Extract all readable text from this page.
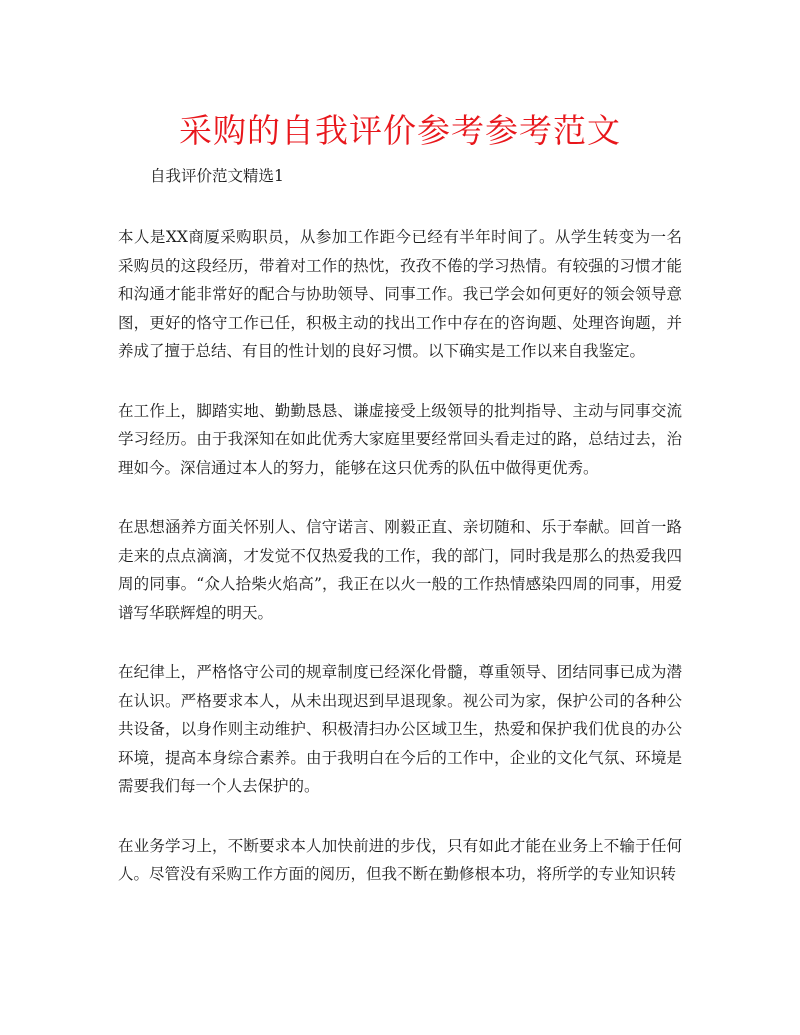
采购的自我评价参考参考范文
自我评价范文精选1

本人是XX商厦采购职员，从参加工作距今已经有半年时间了。从学生转变为一名采购员的这段经历，带着对工作的热忱，孜孜不倦的学习热情。有较强的习惯才能和沟通才能非常好的配合与协助领导、同事工作。我已学会如何更好的领会领导意图，更好的恪守工作已任，积极主动的找出工作中存在的咨询题、处理咨询题，并养成了擅于总结、有目的性计划的良好习惯。以下确实是工作以来自我鉴定。

在工作上，脚踏实地、勤勤恳恳、谦虚接受上级领导的批判指导、主动与同事交流学习经历。由于我深知在如此优秀大家庭里要经常回头看走过的路，总结过去，治理如今。深信通过本人的努力，能够在这只优秀的队伍中做得更优秀。

在思想涵养方面关怀别人、信守诺言、刚毅正直、亲切随和、乐于奉献。回首一路走来的点点滴滴，才发觉不仅热爱我的工作，我的部门，同时我是那么的热爱我四周的同事。“众人拾柴火焰高”，我正在以火一般的工作热情感染四周的同事，用爱谱写华联辉煌的明天。

在纪律上，严格恪守公司的规章制度已经深化骨髓，尊重领导、团结同事已成为潜在认识。严格要求本人，从未出现迟到早退现象。视公司为家，保护公司的各种公共设备，以身作则主动维护、积极清扫办公区域卫生，热爱和保护我们优良的办公环境，提高本身综合素养。由于我明白在今后的工作中，企业的文化气氛、环境是需要我们每一个人去保护的。

在业务学习上，不断要求本人加快前进的步伐，只有如此才能在业务上不输于任何人。尽管没有采购工作方面的阅历，但我不断在勤修根本功，将所学的专业知识转
